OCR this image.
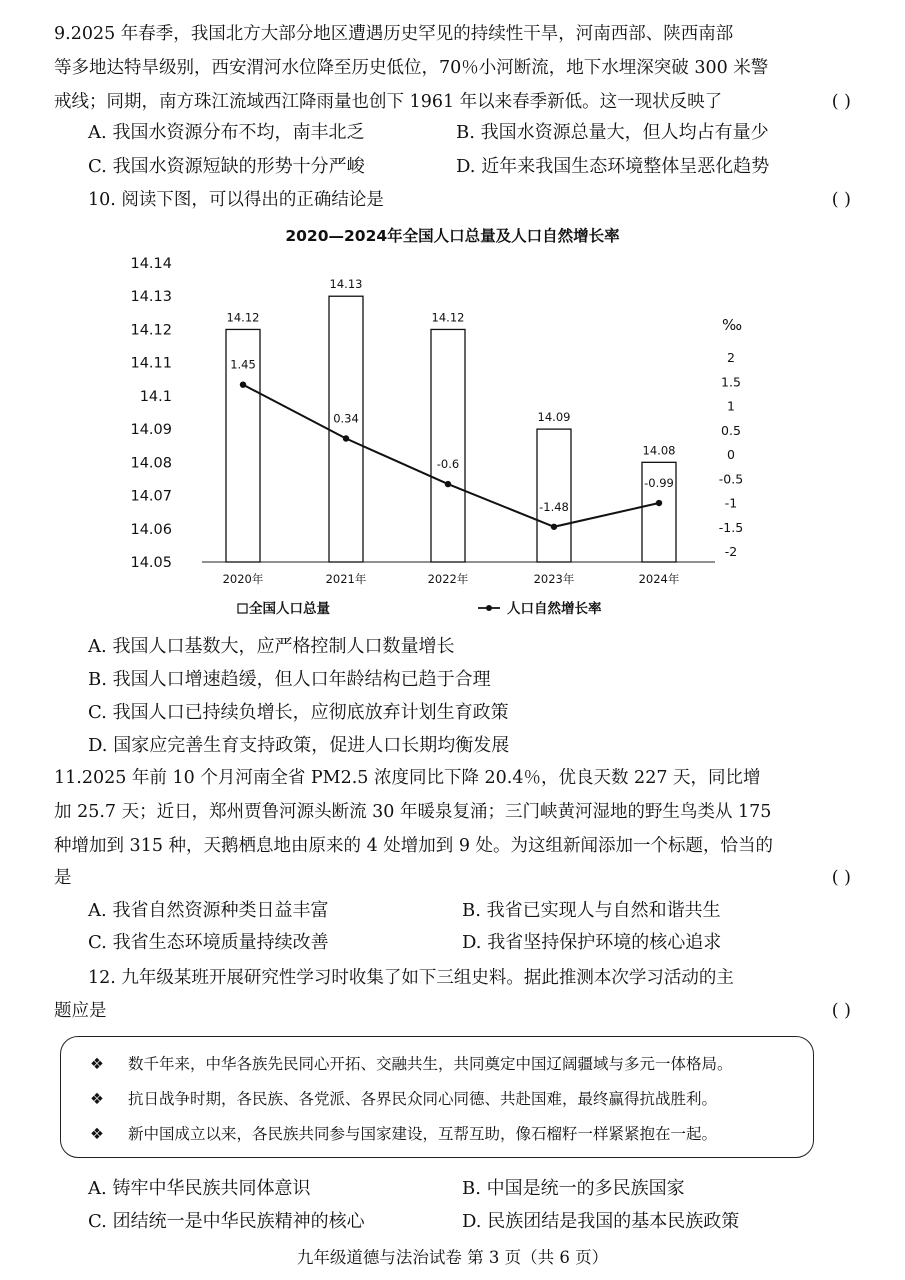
9.2025 年春季，我国北方大部分地区遭遇历史罕见的持续性干旱，河南西部、陕西南部
等多地达特旱级别，西安渭河水位降至历史低位，70％小河断流，地下水埋深突破 300 米警
戒线；同期，南方珠江流域西江降雨量也创下 1961 年以来春季新低。这一现状反映了	( )
A. 我国水资源分布不均，南丰北乏	B. 我国水资源总量大，但人均占有量少
C. 我国水资源短缺的形势十分严峻	D. 近年来我国生态环境整体呈恶化趋势
10. 阅读下图，可以得出的正确结论是	( )
2020—2024年全国人口总量及人口自然增长率
14.14
14.13
14.12
14.11
14.1
14.09
14.08
14.07
14.06
14.05
2
1.5
1
0.5
0
-0.5
-1
-1.5
-2
‰
14.12
14.13
14.12
14.09
14.08
1.45
0.34
-0.6
-1.48
-0.99
2020年	2021年	2022年	2023年	2024年
全国人口总量	人口自然增长率
A. 我国人口基数大，应严格控制人口数量增长
B. 我国人口增速趋缓，但人口年龄结构已趋于合理
C. 我国人口已持续负增长，应彻底放弃计划生育政策
D. 国家应完善生育支持政策，促进人口长期均衡发展
11.2025 年前 10 个月河南全省 PM2.5 浓度同比下降 20.4％，优良天数 227 天，同比增
加 25.7 天；近日，郑州贾鲁河源头断流 30 年暖泉复涌；三门峡黄河湿地的野生鸟类从 175
种增加到 315 种，天鹅栖息地由原来的 4 处增加到 9 处。为这组新闻添加一个标题，恰当的
是	( )
A. 我省自然资源种类日益丰富	B. 我省已实现人与自然和谐共生
C. 我省生态环境质量持续改善	D. 我省坚持保护环境的核心追求
12. 九年级某班开展研究性学习时收集了如下三组史料。据此推测本次学习活动的主
题应是	( )
❖ 数千年来，中华各族先民同心开拓、交融共生，共同奠定中国辽阔疆域与多元一体格局。
❖ 抗日战争时期，各民族、各党派、各界民众同心同德、共赴国难，最终赢得抗战胜利。
❖ 新中国成立以来，各民族共同参与国家建设，互帮互助，像石榴籽一样紧紧抱在一起。
A. 铸牢中华民族共同体意识	B. 中国是统一的多民族国家
C. 团结统一是中华民族精神的核心	D. 民族团结是我国的基本民族政策
九年级道德与法治试卷 第 3 页（共 6 页）
